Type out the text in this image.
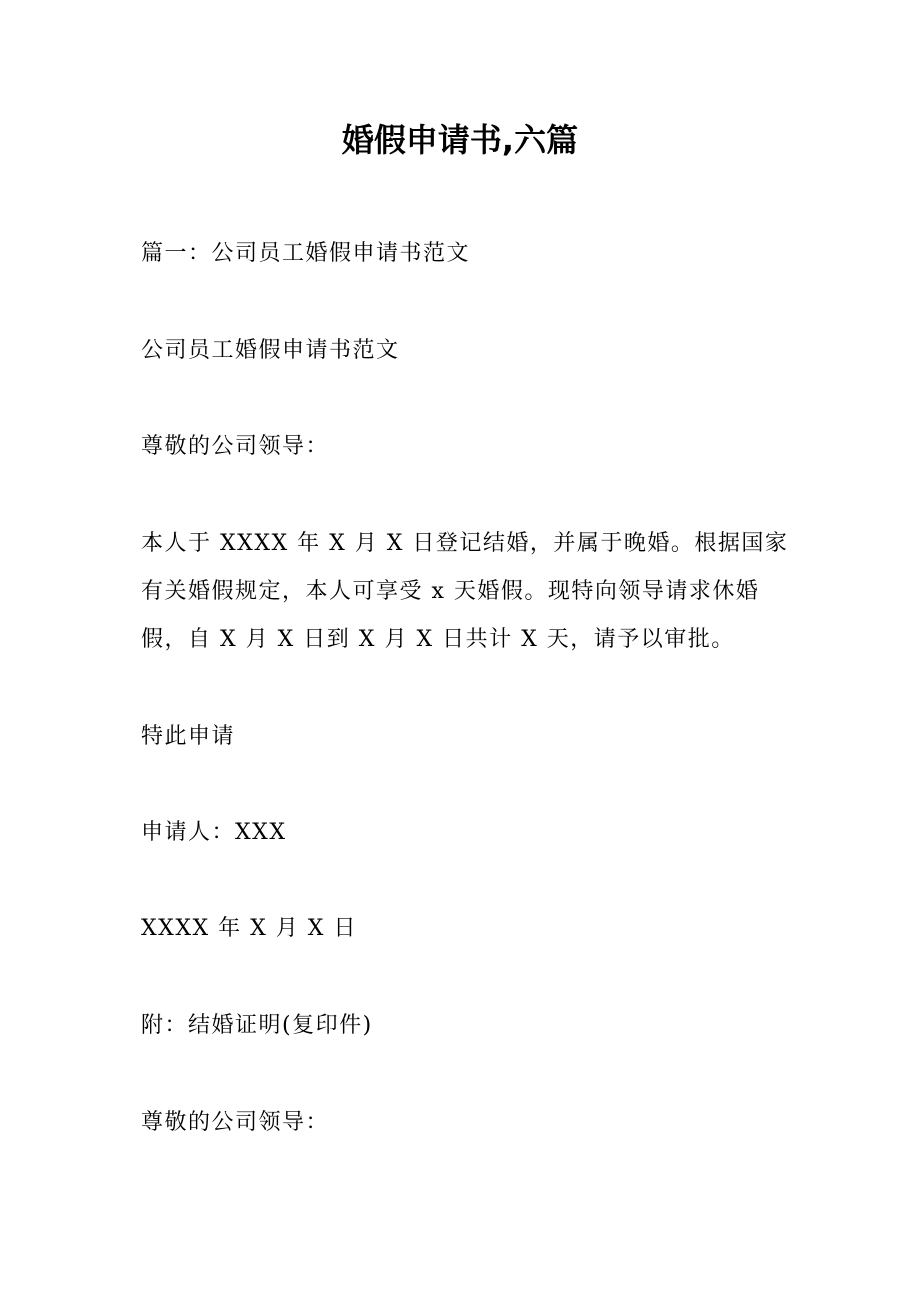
婚假申请书,六篇
篇一：公司员工婚假申请书范文
公司员工婚假申请书范文
尊敬的公司领导：
本人于 XXXX 年 X 月 X 日登记结婚，并属于晚婚。根据国家
有关婚假规定，本人可享受 x 天婚假。现特向领导请求休婚
假，自 X 月 X 日到 X 月 X 日共计 X 天，请予以审批。
特此申请
申请人：XXX
XXXX 年 X 月 X 日
附：结婚证明(复印件)
尊敬的公司领导：
